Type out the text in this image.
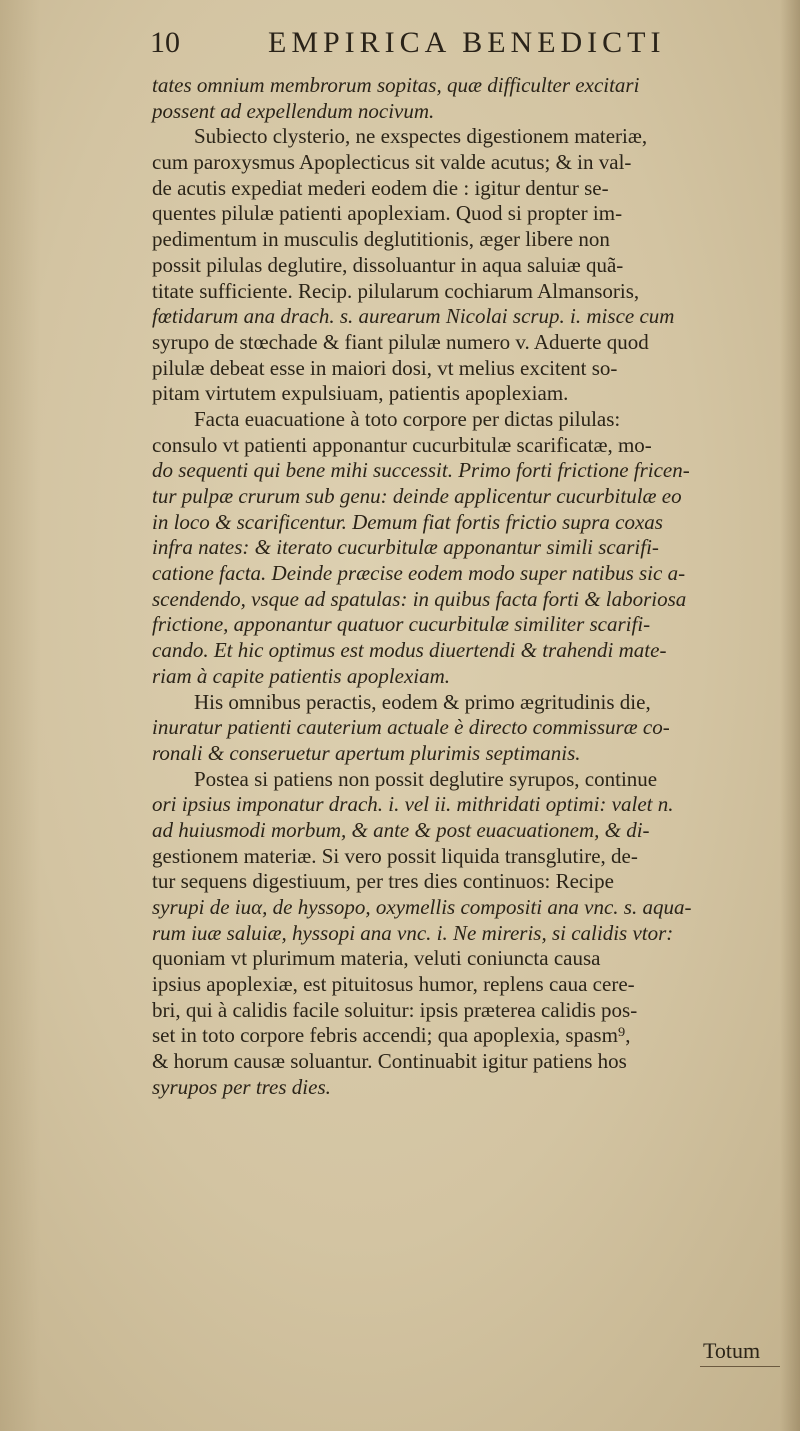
10	EMPIRICA BENEDICTI
tates omnium membrorum sopitas, quæ difficulter excitari
possent ad expellendum nocivum.
Subiecto clysterio, ne exspectes digestionem materiæ,
cum paroxysmus Apoplecticus sit valde acutus; & in val-
de acutis expediat mederi eodem die : igitur dentur se-
quentes pilulæ patienti apoplexiam. Quod si propter im-
pedimentum in musculis deglutitionis, æger libere non
possit pilulas deglutire, dissoluantur in aqua saluiæ quã-
titate sufficiente. Recip. pilularum cochiarum Almansoris,
fœtidarum ana drach. s. aurearum Nicolai scrup. i. misce cum
syrupo de stœchade & fiant pilulæ numero v. Aduerte quod
pilulæ debeat esse in maiori dosi, vt melius excitent so-
pitam virtutem expulsiuam, patientis apoplexiam.
Facta euacuatione à toto corpore per dictas pilulas:
consulo vt patienti apponantur cucurbitulæ scarificatæ, mo-
do sequenti qui bene mihi successit. Primo forti frictione fricen-
tur pulpæ crurum sub genu: deinde applicentur cucurbitulæ eo
in loco & scarificentur. Demum fiat fortis frictio supra coxas
infra nates: & iterato cucurbitulæ apponantur simili scarifi-
catione facta. Deinde præcise eodem modo super natibus sic a-
scendendo, vsque ad spatulas: in quibus facta forti & laboriosa
frictione, apponantur quatuor cucurbitulæ similiter scarifi-
cando. Et hic optimus est modus diuertendi & trahendi mate-
riam à capite patientis apoplexiam.
His omnibus peractis, eodem & primo ægritudinis die,
inuratur patienti cauterium actuale è directo commissuræ co-
ronali & conseruetur apertum plurimis septimanis.
Postea si patiens non possit deglutire syrupos, continue
ori ipsius imponatur drach. i. vel ii. mithridati optimi: valet n.
ad huiusmodi morbum, & ante & post euacuationem, & di-
gestionem materiæ. Si vero possit liquida transglutire, de-
tur sequens digestiuum, per tres dies continuos: Recipe
syrupi de iuα, de hyssopo, oxymellis compositi ana vnc. s. aqua-
rum iuæ saluiæ, hyssopi ana vnc. i. Ne mireris, si calidis vtor:
quoniam vt plurimum materia, veluti coniuncta causa
ipsius apoplexiæ, est pituitosus humor, replens caua cere-
bri, qui à calidis facile soluitur: ipsis præterea calidis pos-
set in toto corpore febris accendi; qua apoplexia, spasm⁹,
& horum causæ soluantur. Continuabit igitur patiens hos
syrupos per tres dies.
Totum
